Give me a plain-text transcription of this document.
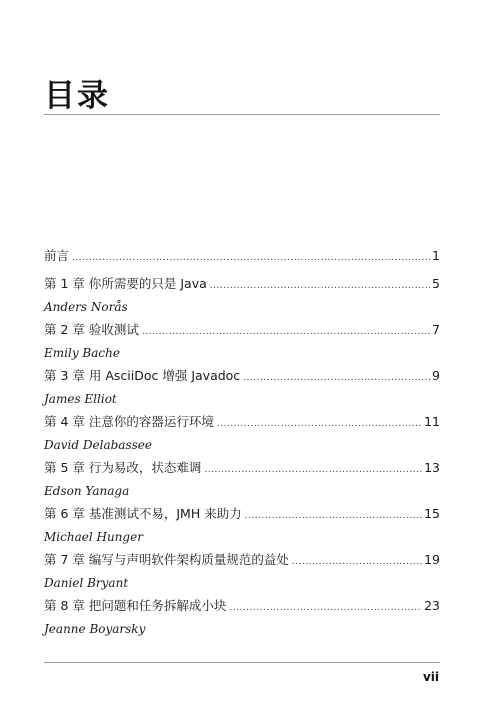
目录
前言 .....	1
第 1 章 你所需要的只是 Java .....	5
Anders Norås
第 2 章 验收测试 .....	7
Emily Bache
第 3 章 用 AsciiDoc 增强 Javadoc .....	9
James Elliot
第 4 章 注意你的容器运行环境 .....	11
David Delabassee
第 5 章 行为易改，状态难调 .....	13
Edson Yanaga
第 6 章 基准测试不易，JMH 来助力 .....	15
Michael Hunger
第 7 章 编写与声明软件架构质量规范的益处 .....	19
Daniel Bryant
第 8 章 把问题和任务拆解成小块 .....	23
Jeanne Boyarsky
vii
